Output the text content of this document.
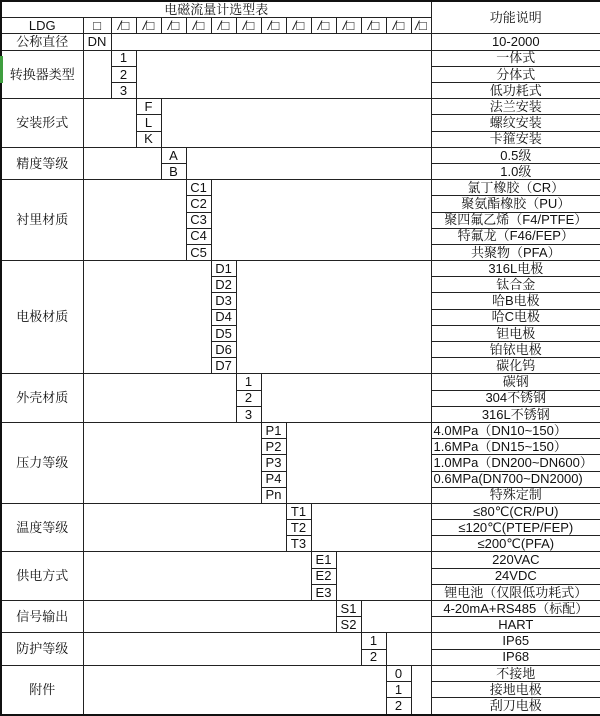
电磁流量计选型表															功能说明
LDG	□	/□	/□	/□	/□	/□	/□	/□	/□	/□	/□	/□	/□	/□	
公称直径	DN														10-2000
转换器类型		1													一体式
		2													分体式
		3													低功耗式
安装形式			F												法兰安装
			L												螺纹安装
			K												卡箍安装
精度等级				A											0.5级
				B											1.0级
衬里材质					C1										氯丁橡胶（CR）
					C2										聚氨酯橡胶（PU）
					C3										聚四氟乙烯（F4/PTFE）
					C4										特氟龙（F46/FEP）
					C5										共聚物（PFA）
电极材质						D1									316L电极
						D2									钛合金
						D3									哈B电极
						D4									哈C电极
						D5									钽电极
						D6									铂铱电极
						D7									碳化钨
外壳材质							1								碳钢
							2								304不锈钢
							3								316L不锈钢
压力等级								P1							4.0MPa（DN10~150）
								P2							1.6MPa（DN15~150）
								P3							1.0MPa（DN200~DN600）
								P4							0.6MPa(DN700~DN2000)
								Pn							特殊定制
温度等级									T1						≤80℃(CR/PU)
									T2						≤120℃(PTEP/FEP)
									T3						≤200℃(PFA)
供电方式										E1					220VAC
										E2					24VDC
										E3					锂电池（仅限低功耗式）
信号输出											S1				4-20mA+RS485（标配）
											S2				HART
防护等级												1			IP65
												2			IP68
附件													0		不接地
													1		接地电极
													2		刮刀电极
